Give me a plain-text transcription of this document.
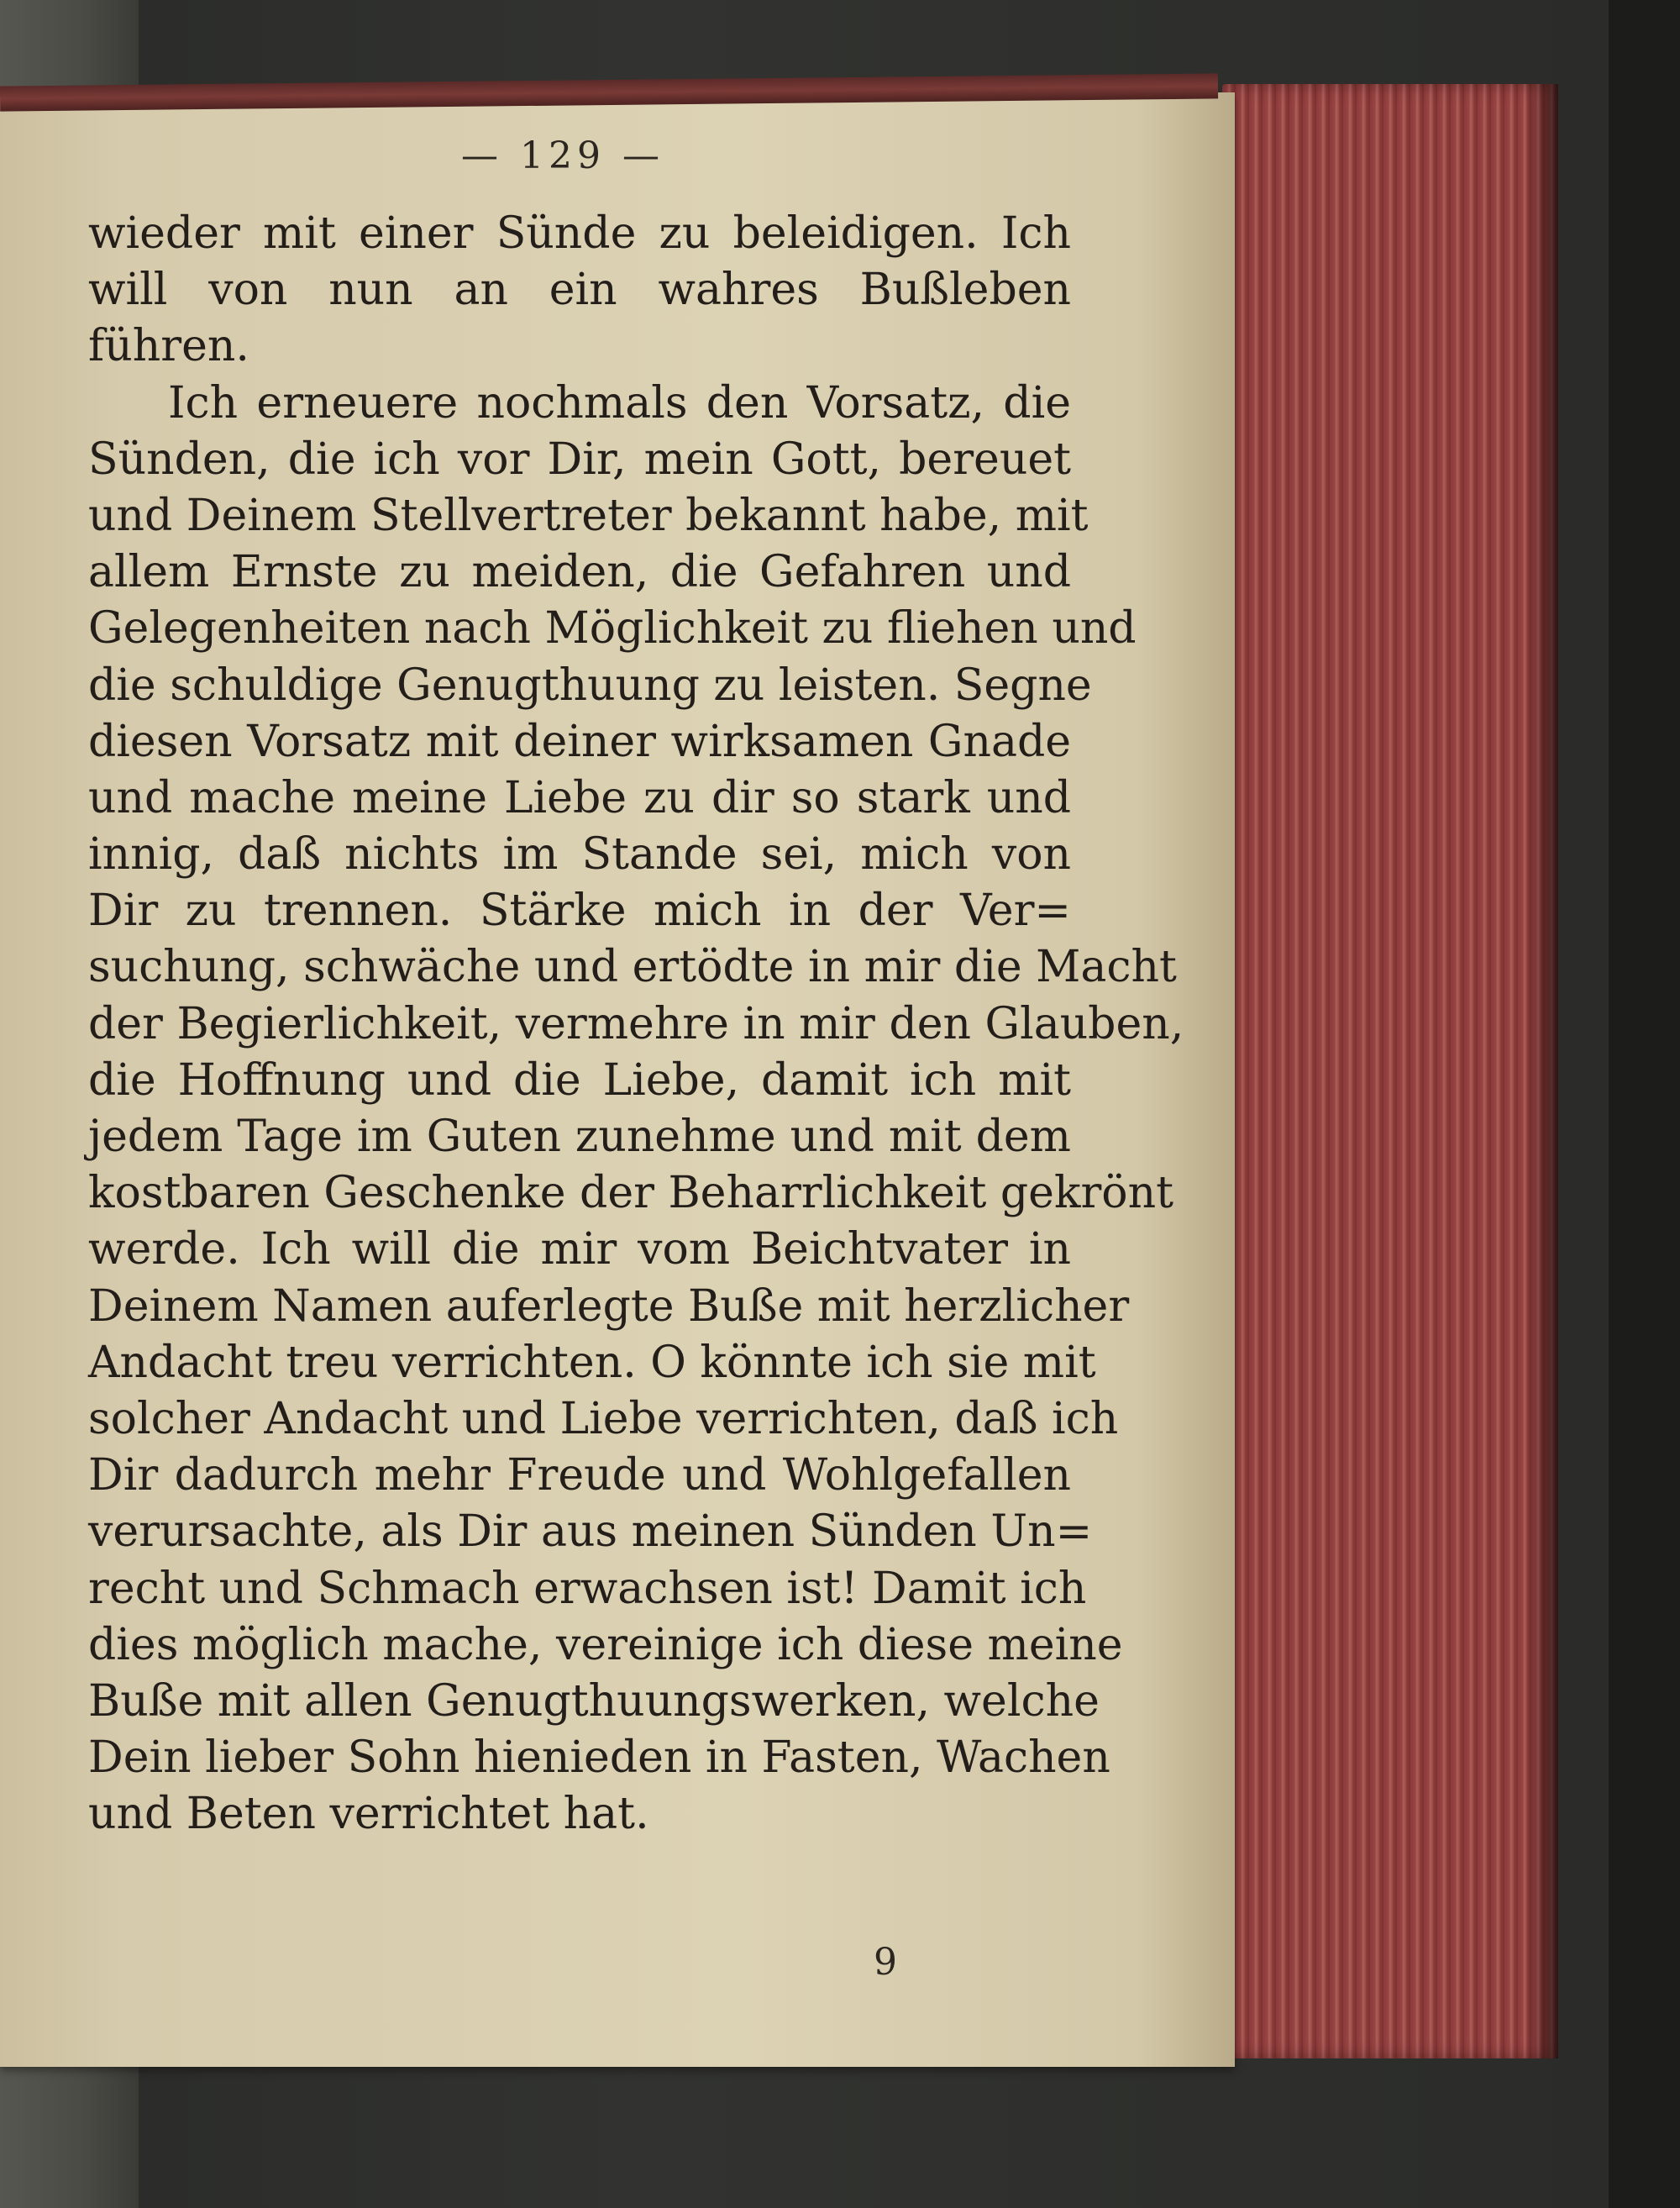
— 129 —
wieder mit einer Sünde zu beleidigen. Ich
will von nun an ein wahres Bußleben
führen.
Ich erneuere nochmals den Vorsatz, die
Sünden, die ich vor Dir, mein Gott, bereuet
und Deinem Stellvertreter bekannt habe, mit
allem Ernste zu meiden, die Gefahren und
Gelegenheiten nach Möglichkeit zu fliehen und
die schuldige Genugthuung zu leisten. Segne
diesen Vorsatz mit deiner wirksamen Gnade
und mache meine Liebe zu dir so stark und
innig, daß nichts im Stande sei, mich von
Dir zu trennen. Stärke mich in der Ver=
suchung, schwäche und ertödte in mir die Macht
der Begierlichkeit, vermehre in mir den Glauben,
die Hoffnung und die Liebe, damit ich mit
jedem Tage im Guten zunehme und mit dem
kostbaren Geschenke der Beharrlichkeit gekrönt
werde. Ich will die mir vom Beichtvater in
Deinem Namen auferlegte Buße mit herzlicher
Andacht treu verrichten. O könnte ich sie mit
solcher Andacht und Liebe verrichten, daß ich
Dir dadurch mehr Freude und Wohlgefallen
verursachte, als Dir aus meinen Sünden Un=
recht und Schmach erwachsen ist! Damit ich
dies möglich mache, vereinige ich diese meine
Buße mit allen Genugthuungswerken, welche
Dein lieber Sohn hienieden in Fasten, Wachen
und Beten verrichtet hat.
9
